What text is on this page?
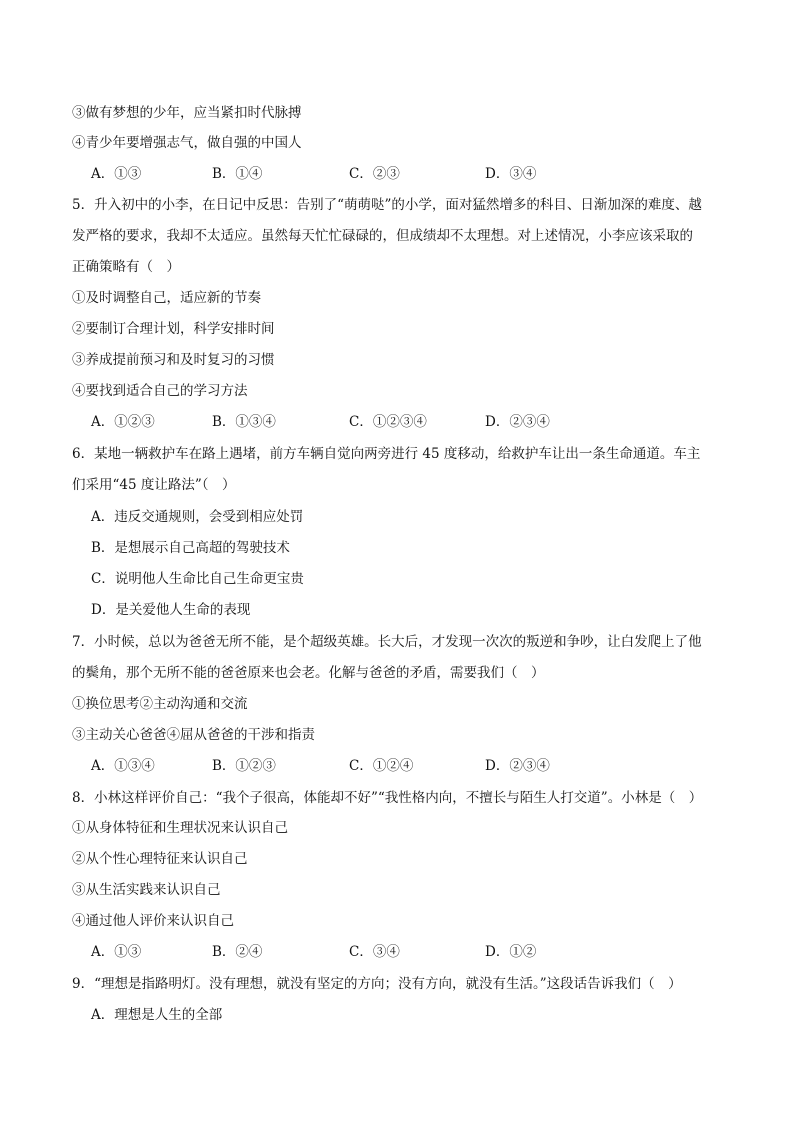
③做有梦想的少年，应当紧扣时代脉搏
④青少年要增强志气，做自强的中国人
A．①③	B．①④	C．②③	D．③④
5．升入初中的小李，在日记中反思：告别了“萌萌哒”的小学，面对猛然增多的科目、日渐加深的难度、越
发严格的要求，我却不太适应。虽然每天忙忙碌碌的，但成绩却不太理想。对上述情况，小李应该采取的
正确策略有（　）
①及时调整自己，适应新的节奏
②要制订合理计划，科学安排时间
③养成提前预习和及时复习的习惯
④要找到适合自己的学习方法
A．①②③	B．①③④	C．①②③④	D．②③④
6．某地一辆救护车在路上遇堵，前方车辆自觉向两旁进行 45 度移动，给救护车让出一条生命通道。车主
们采用“45 度让路法”（　）
A．违反交通规则，会受到相应处罚
B．是想展示自己高超的驾驶技术
C．说明他人生命比自己生命更宝贵
D．是关爱他人生命的表现
7．小时候，总以为爸爸无所不能，是个超级英雄。长大后，才发现一次次的叛逆和争吵，让白发爬上了他
的鬓角，那个无所不能的爸爸原来也会老。化解与爸爸的矛盾，需要我们（　）
①换位思考②主动沟通和交流
③主动关心爸爸④屈从爸爸的干涉和指责
A．①③④	B．①②③	C．①②④	D．②③④
8．小林这样评价自己：“我个子很高，体能却不好”“我性格内向，不擅长与陌生人打交道”。小林是（　）
①从身体特征和生理状况来认识自己
②从个性心理特征来认识自己
③从生活实践来认识自己
④通过他人评价来认识自己
A．①③	B．②④	C．③④	D．①②
9．“理想是指路明灯。没有理想，就没有坚定的方向；没有方向，就没有生活。”这段话告诉我们（　）
A．理想是人生的全部
